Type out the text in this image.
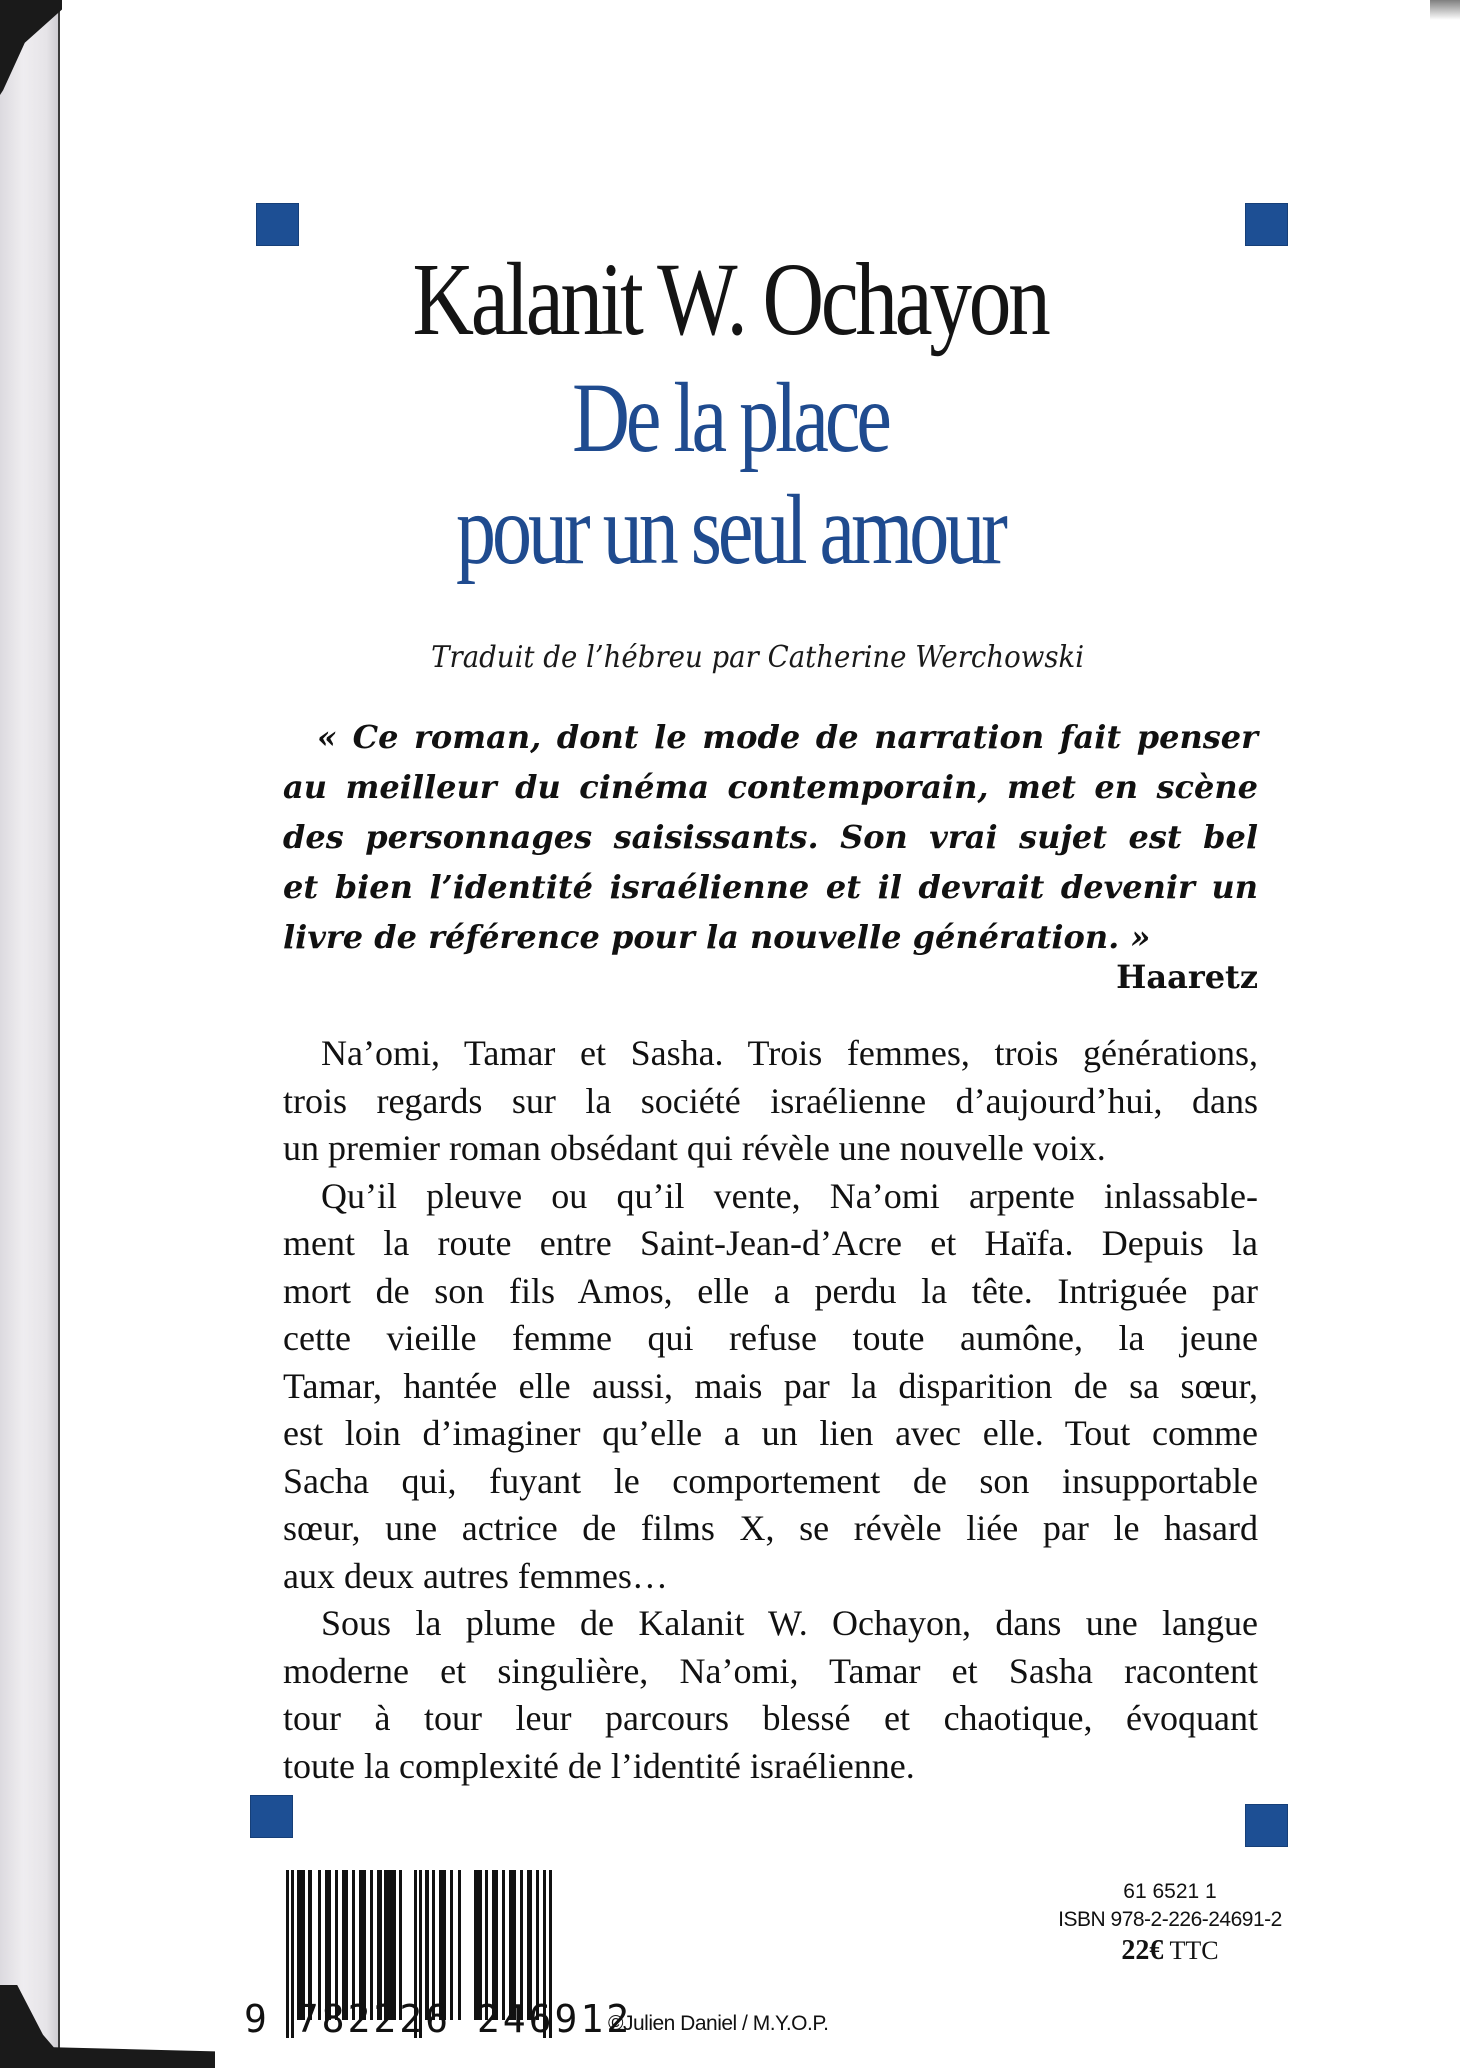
Kalanit W. Ochayon
De la place
pour un seul amour
Traduit de l’hébreu par Catherine Werchowski
« Ce roman, dont le mode de narration fait penser
au meilleur du cinéma contemporain, met en scène
des personnages saisissants. Son vrai sujet est bel
et bien l’identité israélienne et il devrait devenir un
livre de référence pour la nouvelle génération. »
Haaretz
Na’omi, Tamar et Sasha. Trois femmes, trois générations,
trois regards sur la société israélienne d’aujourd’hui, dans
un premier roman obsédant qui révèle une nouvelle voix.
Qu’il pleuve ou qu’il vente, Na’omi arpente inlassable-
ment la route entre Saint-Jean-d’Acre et Haïfa. Depuis la
mort de son fils Amos, elle a perdu la tête. Intriguée par
cette vieille femme qui refuse toute aumône, la jeune
Tamar, hantée elle aussi, mais par la disparition de sa sœur,
est loin d’imaginer qu’elle a un lien avec elle. Tout comme
Sacha qui, fuyant le comportement de son insupportable
sœur, une actrice de films X, se révèle liée par le hasard
aux deux autres femmes…
Sous la plume de Kalanit W. Ochayon, dans une langue
moderne et singulière, Na’omi, Tamar et Sasha racontent
tour à tour leur parcours blessé et chaotique, évoquant
toute la complexité de l’identité israélienne.
9 782226 246912
©Julien Daniel / M.Y.O.P.
61 6521 1
ISBN 978-2-226-24691-2
22€ TTC
